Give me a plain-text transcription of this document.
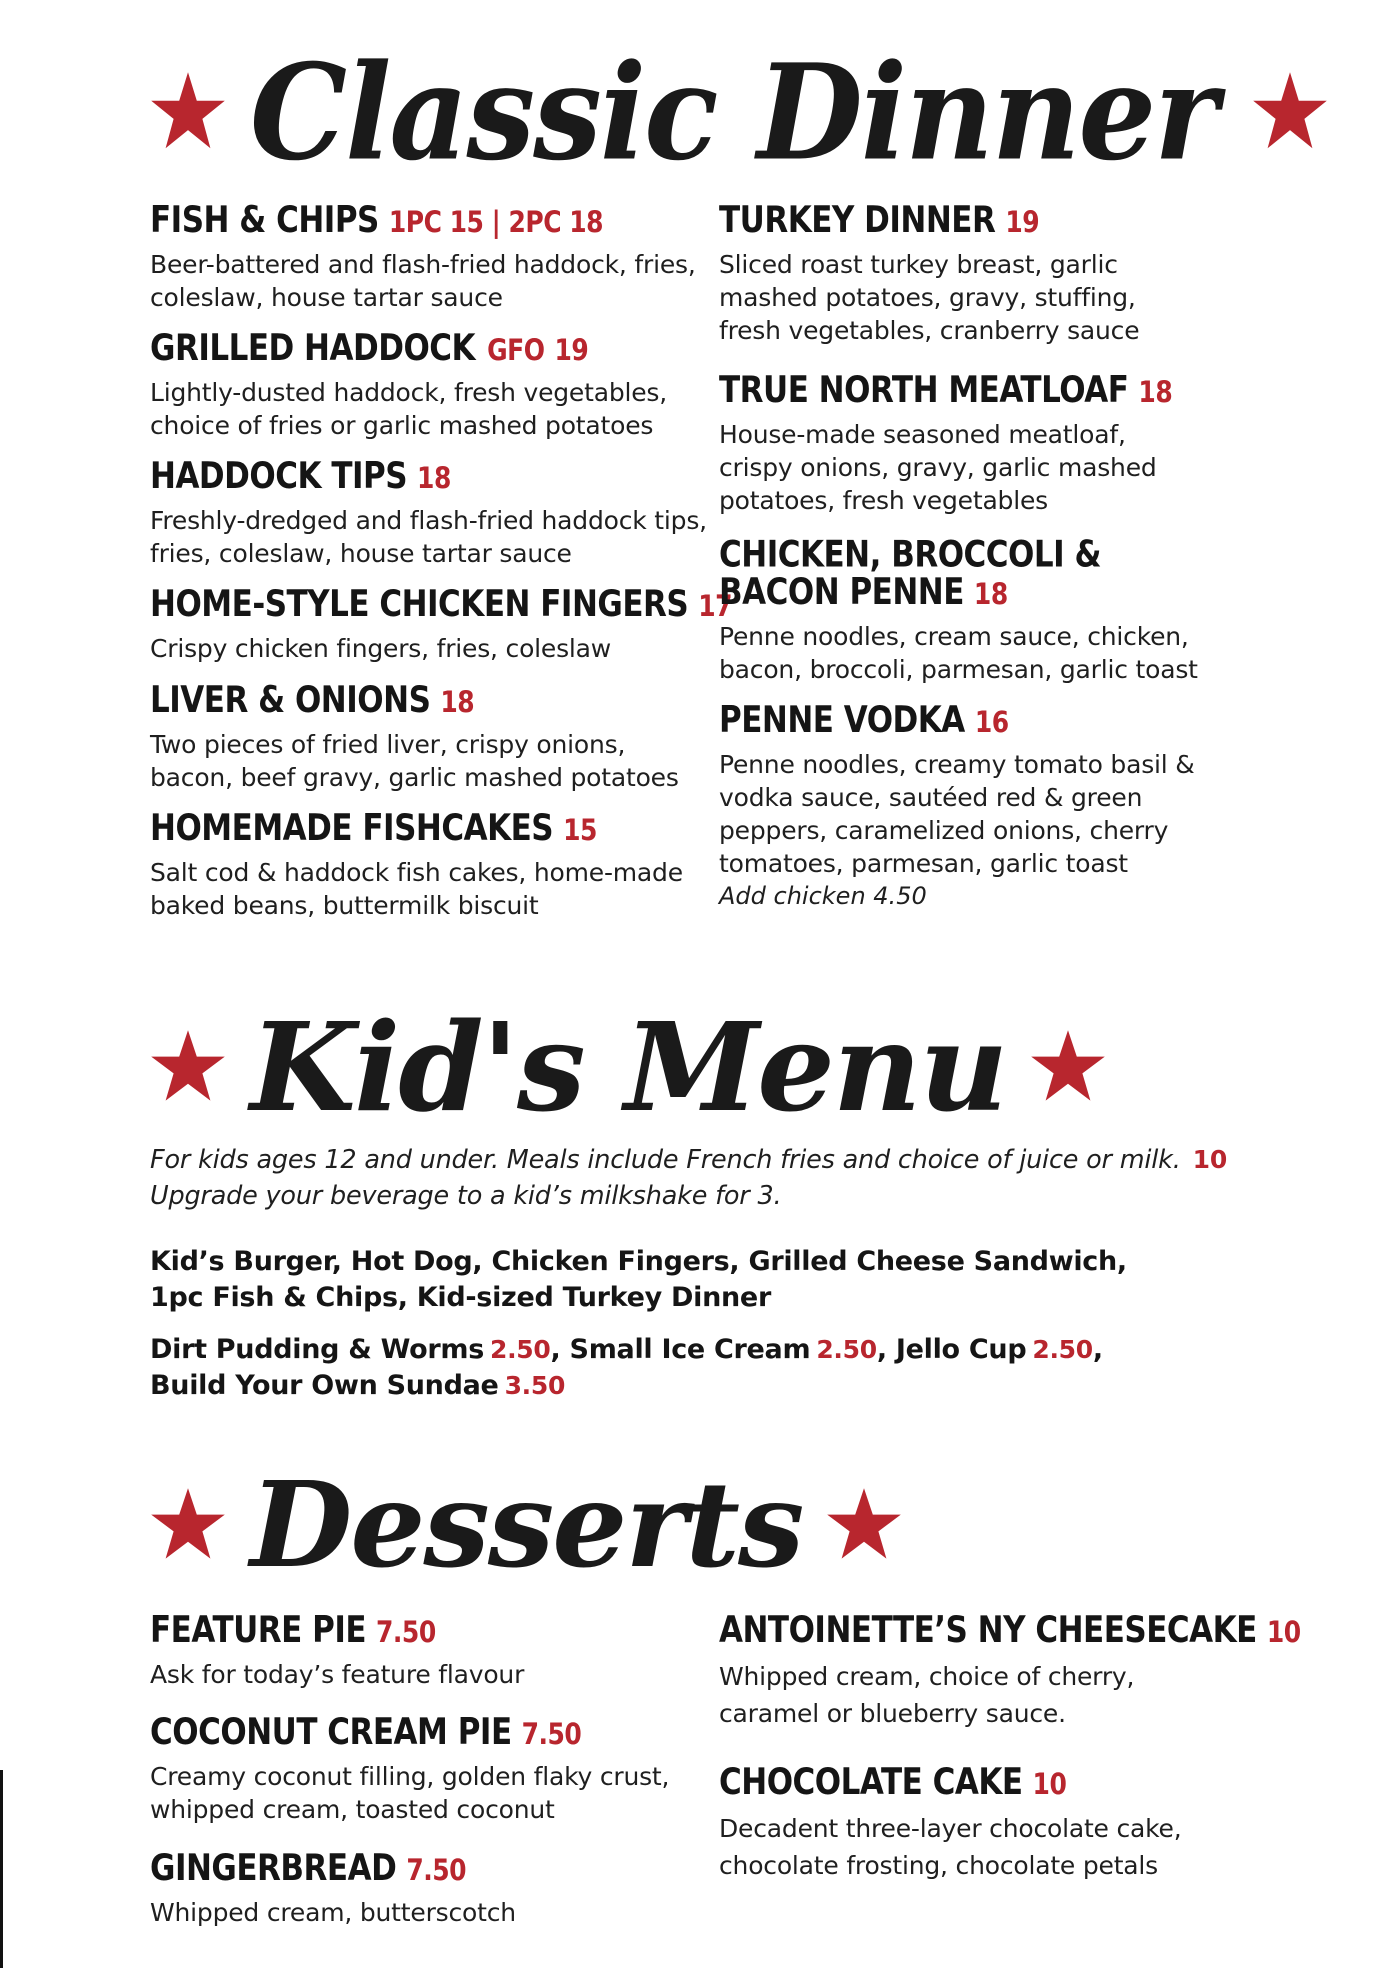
Classic Dinner
FISH & CHIPS 1PC 15 | 2PC 18
Beer-battered and flash-fried haddock, fries, coleslaw, house tartar sauce
GRILLED HADDOCK GFO 19
Lightly-dusted haddock, fresh vegetables, choice of fries or garlic mashed potatoes
HADDOCK TIPS 18
Freshly-dredged and flash-fried haddock tips, fries, coleslaw, house tartar sauce
HOME-STYLE CHICKEN FINGERS 17
Crispy chicken fingers, fries, coleslaw
LIVER & ONIONS 18
Two pieces of fried liver, crispy onions, bacon, beef gravy, garlic mashed potatoes
HOMEMADE FISHCAKES 15
Salt cod & haddock fish cakes, home-made baked beans, buttermilk biscuit
TURKEY DINNER 19
Sliced roast turkey breast, garlic mashed potatoes, gravy, stuffing, fresh vegetables, cranberry sauce
TRUE NORTH MEATLOAF 18
House-made seasoned meatloaf, crispy onions, gravy, garlic mashed potatoes, fresh vegetables
CHICKEN, BROCCOLI &
BACON PENNE 18
Penne noodles, cream sauce, chicken, bacon, broccoli, parmesan, garlic toast
PENNE VODKA 16
Penne noodles, creamy tomato basil & vodka sauce, sautéed red & green peppers, caramelized onions, cherry tomatoes, parmesan, garlic toast
Add chicken 4.50
Kid's Menu
For kids ages 12 and under. Meals include French fries and choice of juice or milk. 10
Upgrade your beverage to a kid’s milkshake for 3.
Kid’s Burger, Hot Dog, Chicken Fingers, Grilled Cheese Sandwich,
1pc Fish & Chips, Kid-sized Turkey Dinner
Dirt Pudding & Worms 2.50, Small Ice Cream 2.50, Jello Cup 2.50,
Build Your Own Sundae 3.50
Desserts
FEATURE PIE 7.50
Ask for today’s feature flavour
COCONUT CREAM PIE 7.50
Creamy coconut filling, golden flaky crust, whipped cream, toasted coconut
GINGERBREAD 7.50
Whipped cream, butterscotch
ANTOINETTE’S NY CHEESECAKE 10
Whipped cream, choice of cherry, caramel or blueberry sauce.
CHOCOLATE CAKE 10
Decadent three-layer chocolate cake, chocolate frosting, chocolate petals
